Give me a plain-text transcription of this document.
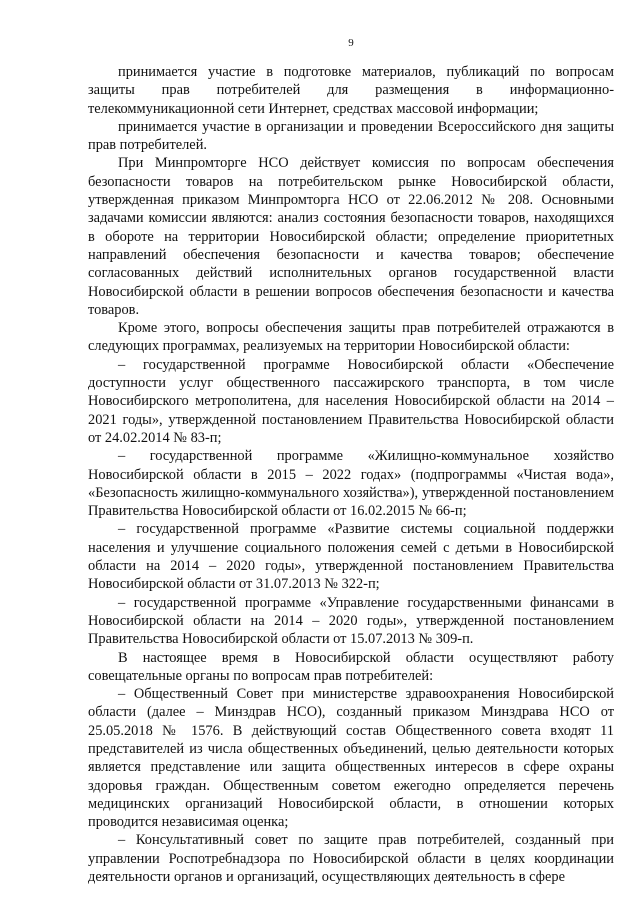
9

принимается участие в подготовке материалов, публикаций по вопросам защиты прав потребителей для размещения в информационно-телекоммуникационной сети Интернет, средствах массовой информации;

принимается участие в организации и проведении Всероссийского дня защиты прав потребителей.

При Минпромторге НСО действует комиссия по вопросам обеспечения безопасности товаров на потребительском рынке Новосибирской области, утвержденная приказом Минпромторга НСО от 22.06.2012 № 208. Основными задачами комиссии являются: анализ состояния безопасности товаров, находящихся в обороте на территории Новосибирской области; определение приоритетных направлений обеспечения безопасности и качества товаров; обеспечение согласованных действий исполнительных органов государственной власти Новосибирской области в решении вопросов обеспечения безопасности и качества товаров.

Кроме этого, вопросы обеспечения защиты прав потребителей отражаются в следующих программах, реализуемых на территории Новосибирской области:

– государственной программе Новосибирской области «Обеспечение доступности услуг общественного пассажирского транспорта, в том числе Новосибирского метрополитена, для населения Новосибирской области на 2014 – 2021 годы», утвержденной постановлением Правительства Новосибирской области от 24.02.2014 № 83-п;

– государственной программе «Жилищно-коммунальное хозяйство Новосибирской области в 2015 – 2022 годах» (подпрограммы «Чистая вода», «Безопасность жилищно-коммунального хозяйства»), утвержденной постановлением Правительства Новосибирской области от 16.02.2015 № 66-п;

– государственной программе «Развитие системы социальной поддержки населения и улучшение социального положения семей с детьми в Новосибирской области на 2014 – 2020 годы», утвержденной постановлением Правительства Новосибирской области от 31.07.2013 № 322-п;

– государственной программе «Управление государственными финансами в Новосибирской области на 2014 – 2020 годы», утвержденной постановлением Правительства Новосибирской области от 15.07.2013 № 309-п.

В настоящее время в Новосибирской области осуществляют работу совещательные органы по вопросам прав потребителей:

– Общественный Совет при министерстве здравоохранения Новосибирской области (далее – Минздрав НСО), созданный приказом Минздрава НСО от 25.05.2018 № 1576. В действующий состав Общественного совета входят 11 представителей из числа общественных объединений, целью деятельности которых является представление или защита общественных интересов в сфере охраны здоровья граждан. Общественным советом ежегодно определяется перечень медицинских организаций Новосибирской области, в отношении которых проводится независимая оценка;

– Консультативный совет по защите прав потребителей, созданный при управлении Роспотребнадзора по Новосибирской области в целях координации деятельности органов и организаций, осуществляющих деятельность в сфере
